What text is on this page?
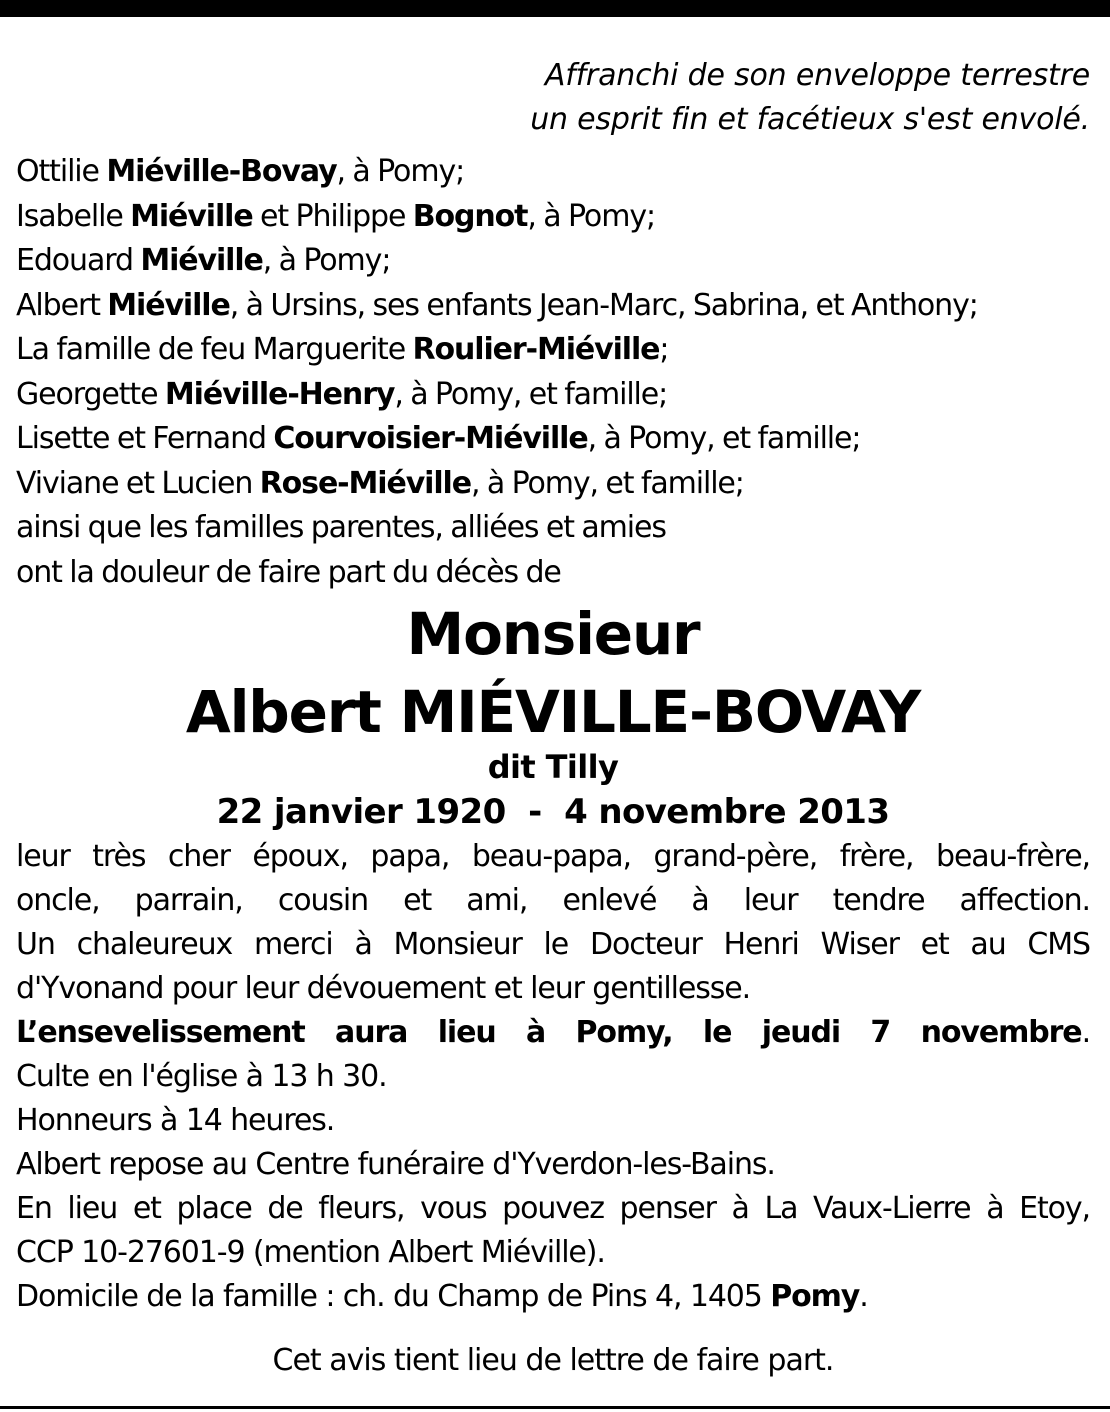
Affranchi de son enveloppe terrestre
un esprit fin et facétieux s'est envolé.
Ottilie Miéville-Bovay, à Pomy;
Isabelle Miéville et Philippe Bognot, à Pomy;
Edouard Miéville, à Pomy;
Albert Miéville, à Ursins, ses enfants Jean-Marc, Sabrina, et Anthony;
La famille de feu Marguerite Roulier-Miéville;
Georgette Miéville-Henry, à Pomy, et famille;
Lisette et Fernand Courvoisier-Miéville, à Pomy, et famille;
Viviane et Lucien Rose-Miéville, à Pomy, et famille;
ainsi que les familles parentes, alliées et amies
ont la douleur de faire part du décès de
Monsieur
Albert MIÉVILLE-BOVAY
dit Tilly
22 janvier 1920  -  4 novembre 2013
leur très cher époux, papa, beau-papa, grand-père, frère, beau-frère,
oncle, parrain, cousin et ami, enlevé à leur tendre affection.
Un chaleureux merci à Monsieur le Docteur Henri Wiser et au CMS
d'Yvonand pour leur dévouement et leur gentillesse.
L’ensevelissement aura lieu à Pomy, le jeudi 7 novembre.
Culte en l'église à 13 h 30.
Honneurs à 14 heures.
Albert repose au Centre funéraire d'Yverdon-les-Bains.
En lieu et place de fleurs, vous pouvez penser à La Vaux-Lierre à Etoy,
CCP 10-27601-9 (mention Albert Miéville).
Domicile de la famille : ch. du Champ de Pins 4, 1405 Pomy.
Cet avis tient lieu de lettre de faire part.
